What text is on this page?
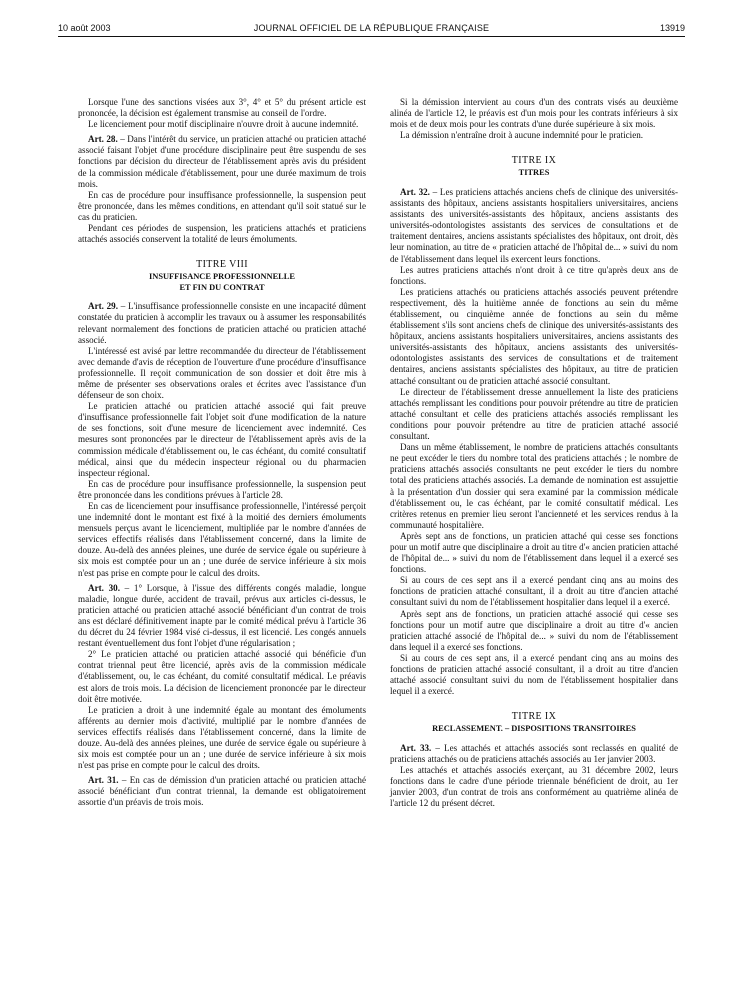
10 août 2003	JOURNAL OFFICIEL DE LA RÉPUBLIQUE FRANÇAISE	13919

Lorsque l'une des sanctions visées aux 3°, 4° et 5° du présent article est prononcée, la décision est également transmise au conseil de l'ordre.

Le licenciement pour motif disciplinaire n'ouvre droit à aucune indemnité.

Art. 28. – Dans l'intérêt du service, un praticien attaché ou praticien attaché associé faisant l'objet d'une procédure disciplinaire peut être suspendu de ses fonctions par décision du directeur de l'établissement après avis du président de la commission médicale d'établissement, pour une durée maximum de trois mois.

En cas de procédure pour insuffisance professionnelle, la suspension peut être prononcée, dans les mêmes conditions, en attendant qu'il soit statué sur le cas du praticien.

Pendant ces périodes de suspension, les praticiens attachés et praticiens attachés associés conservent la totalité de leurs émoluments.

TITRE VIII
INSUFFISANCE PROFESSIONNELLE
ET FIN DU CONTRAT

Art. 29. – L'insuffisance professionnelle consiste en une incapacité dûment constatée du praticien à accomplir les travaux ou à assumer les responsabilités relevant normalement des fonctions de praticien attaché ou praticien attaché associé.

L'intéressé est avisé par lettre recommandée du directeur de l'établissement avec demande d'avis de réception de l'ouverture d'une procédure d'insuffisance professionnelle. Il reçoit communication de son dossier et doit être mis à même de présenter ses observations orales et écrites avec l'assistance d'un défenseur de son choix.

Le praticien attaché ou praticien attaché associé qui fait preuve d'insuffisance professionnelle fait l'objet soit d'une modification de la nature de ses fonctions, soit d'une mesure de licenciement avec indemnité. Ces mesures sont prononcées par le directeur de l'établissement après avis de la commission médicale d'établissement ou, le cas échéant, du comité consultatif médical, ainsi que du médecin inspecteur régional ou du pharmacien inspecteur régional.

En cas de procédure pour insuffisance professionnelle, la suspension peut être prononcée dans les conditions prévues à l'article 28.

En cas de licenciement pour insuffisance professionnelle, l'intéressé perçoit une indemnité dont le montant est fixé à la moitié des derniers émoluments mensuels perçus avant le licenciement, multipliée par le nombre d'années de services effectifs réalisés dans l'établissement concerné, dans la limite de douze. Au-delà des années pleines, une durée de service égale ou supérieure à six mois est comptée pour un an ; une durée de service inférieure à six mois n'est pas prise en compte pour le calcul des droits.

Art. 30. – 1° Lorsque, à l'issue des différents congés maladie, longue maladie, longue durée, accident de travail, prévus aux articles ci-dessus, le praticien attaché ou praticien attaché associé bénéficiant d'un contrat de trois ans est déclaré définitivement inapte par le comité médical prévu à l'article 36 du décret du 24 février 1984 visé ci-dessus, il est licencié. Les congés annuels restant éventuellement dus font l'objet d'une régularisation ;

2° Le praticien attaché ou praticien attaché associé qui bénéficie d'un contrat triennal peut être licencié, après avis de la commission médicale d'établissement, ou, le cas échéant, du comité consultatif médical. Le préavis est alors de trois mois. La décision de licenciement prononcée par le directeur doit être motivée.

Le praticien a droit à une indemnité égale au montant des émoluments afférents au dernier mois d'activité, multiplié par le nombre d'années de services effectifs réalisés dans l'établissement concerné, dans la limite de douze. Au-delà des années pleines, une durée de service égale ou supérieure à six mois est comptée pour un an ; une durée de service inférieure à six mois n'est pas prise en compte pour le calcul des droits.

Art. 31. – En cas de démission d'un praticien attaché ou praticien attaché associé bénéficiant d'un contrat triennal, la demande est obligatoirement assortie d'un préavis de trois mois.

Si la démission intervient au cours d'un des contrats visés au deuxième alinéa de l'article 12, le préavis est d'un mois pour les contrats inférieurs à six mois et de deux mois pour les contrats d'une durée supérieure à six mois.

La démission n'entraîne droit à aucune indemnité pour le praticien.

TITRE IX
TITRES

Art. 32. – Les praticiens attachés anciens chefs de clinique des universités-assistants des hôpitaux, anciens assistants hospitaliers universitaires, anciens assistants des universités-assistants des hôpitaux, anciens assistants des universités-odontologistes assistants des services de consultations et de traitement dentaires, anciens assistants spécialistes des hôpitaux, ont droit, dès leur nomination, au titre de « praticien attaché de l'hôpital de... » suivi du nom de l'établissement dans lequel ils exercent leurs fonctions.

Les autres praticiens attachés n'ont droit à ce titre qu'après deux ans de fonctions.

Les praticiens attachés ou praticiens attachés associés peuvent prétendre respectivement, dès la huitième année de fonctions au sein du même établissement, ou cinquième année de fonctions au sein du même établissement s'ils sont anciens chefs de clinique des universités-assistants des hôpitaux, anciens assistants hospitaliers universitaires, anciens assistants des universités-assistants des hôpitaux, anciens assistants des universités-odontologistes assistants des services de consultations et de traitement dentaires, anciens assistants spécialistes des hôpitaux, au titre de praticien attaché consultant ou de praticien attaché associé consultant.

Le directeur de l'établissement dresse annuellement la liste des praticiens attachés remplissant les conditions pour pouvoir prétendre au titre de praticien attaché consultant et celle des praticiens attachés associés remplissant les conditions pour pouvoir prétendre au titre de praticien attaché associé consultant.

Dans un même établissement, le nombre de praticiens attachés consultants ne peut excéder le tiers du nombre total des praticiens attachés ; le nombre de praticiens attachés associés consultants ne peut excéder le tiers du nombre total des praticiens attachés associés. La demande de nomination est assujettie à la présentation d'un dossier qui sera examiné par la commission médicale d'établissement ou, le cas échéant, par le comité consultatif médical. Les critères retenus en premier lieu seront l'ancienneté et les services rendus à la communauté hospitalière.

Après sept ans de fonctions, un praticien attaché qui cesse ses fonctions pour un motif autre que disciplinaire a droit au titre d'« ancien praticien attaché de l'hôpital de... » suivi du nom de l'établissement dans lequel il a exercé ses fonctions.

Si au cours de ces sept ans il a exercé pendant cinq ans au moins des fonctions de praticien attaché consultant, il a droit au titre d'ancien attaché consultant suivi du nom de l'établissement hospitalier dans lequel il a exercé.

Après sept ans de fonctions, un praticien attaché associé qui cesse ses fonctions pour un motif autre que disciplinaire a droit au titre d'« ancien praticien attaché associé de l'hôpital de... » suivi du nom de l'établissement dans lequel il a exercé ses fonctions.

Si au cours de ces sept ans, il a exercé pendant cinq ans au moins des fonctions de praticien attaché associé consultant, il a droit au titre d'ancien attaché associé consultant suivi du nom de l'établissement hospitalier dans lequel il a exercé.

TITRE IX
RECLASSEMENT. – DISPOSITIONS TRANSITOIRES

Art. 33. – Les attachés et attachés associés sont reclassés en qualité de praticiens attachés ou de praticiens attachés associés au 1er janvier 2003.

Les attachés et attachés associés exerçant, au 31 décembre 2002, leurs fonctions dans le cadre d'une période triennale bénéficient de droit, au 1er janvier 2003, d'un contrat de trois ans conformément au quatrième alinéa de l'article 12 du présent décret.
